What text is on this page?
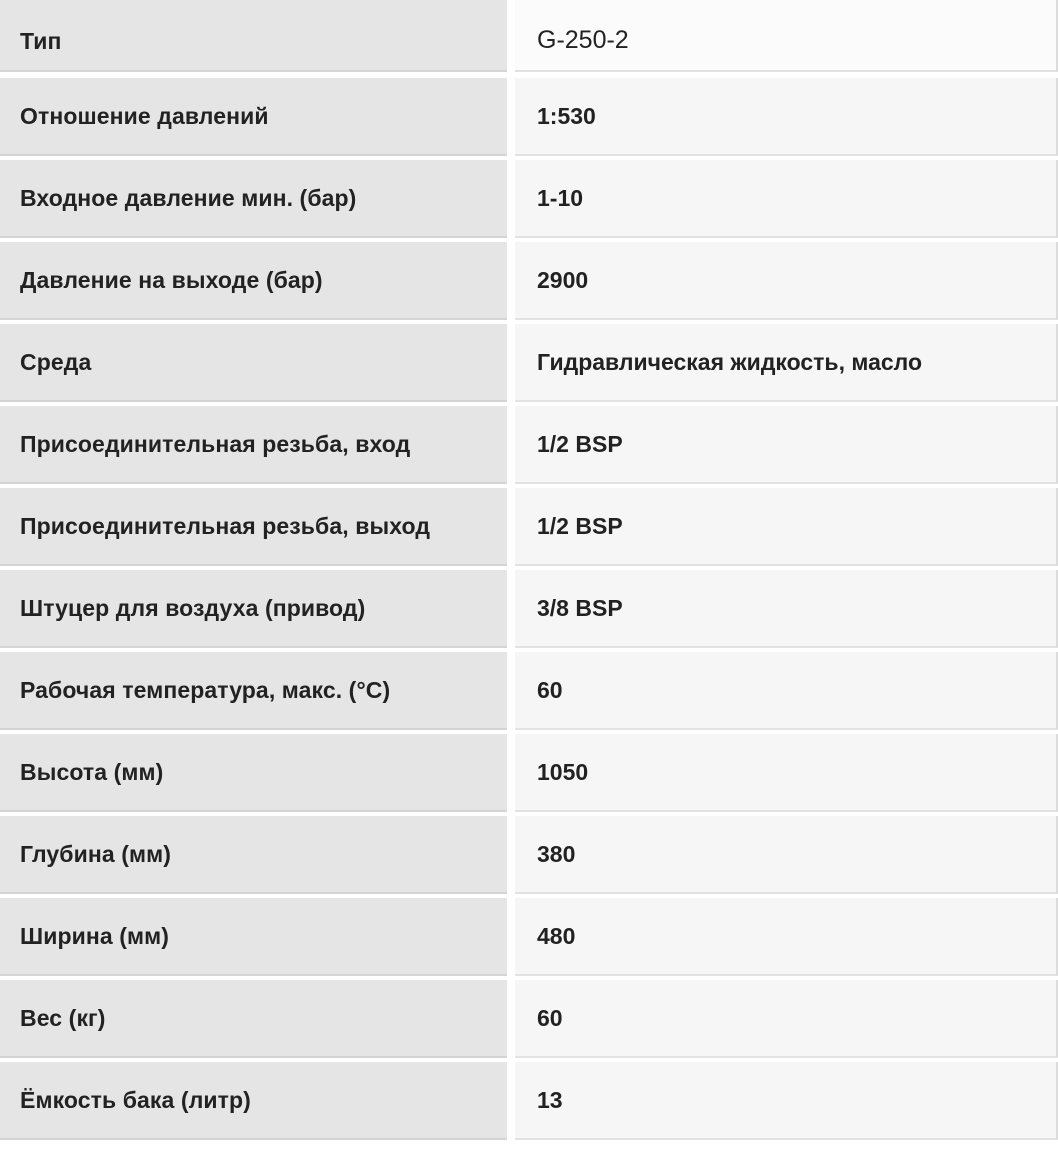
Тип	G-250-2
Отношение давлений	1:530
Входное давление мин. (бар)	1-10
Давление на выходе (бар)	2900
Среда	Гидравлическая жидкость, масло
Присоединительная резьба, вход	1/2 BSP
Присоединительная резьба, выход	1/2 BSP
Штуцер для воздуха (привод)	3/8 BSP
Рабочая температура, макс. (°C)	60
Высота (мм)	1050
Глубина (мм)	380
Ширина (мм)	480
Вес (кг)	60
Ёмкость бака (литр)	13
